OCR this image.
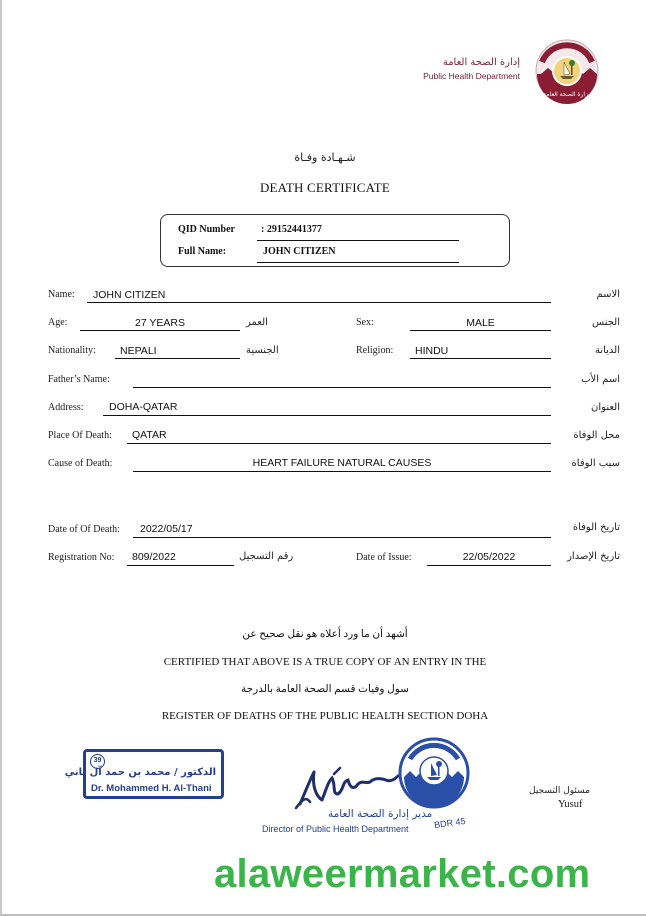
إدارة الصحة العامة
Public Health Department
وزارة الصحة العامة
شـهـادة وفـاة
DEATH CERTIFICATE
QID Number	: 29152441377
Full Name:	JOHN CITIZEN
Name: JOHN CITIZEN	الاسم
Age:	27 YEARS	العمر	Sex:	MALE	الجنس
Nationality: NEPALI	الجنسية	Religion: HINDU	الديانة
Father’s Name:	اسم الأب
Address: DOHA-QATAR	العنوان
Place Of Death: QATAR	محل الوفاة
Cause of Death:	HEART FAILURE NATURAL CAUSES	سبب الوفاة
Date of Of Death: 2022/05/17	تاريخ الوفاة
Registration No: 809/2022	رقم التسجيل	Date of Issue:	22/05/2022	تاريخ الإصدار
أشهد أن ما ورد أعلاه هو نقل صحيح عن
CERTIFIED THAT ABOVE IS A TRUE COPY OF AN ENTRY IN THE
سول وفيات قسم الصحة العامة بالدرجة
REGISTER OF DEATHS OF THE PUBLIC HEALTH SECTION DOHA
39
الدكتور / محمد بن حمد آل ثاني
Dr. Mohammed H. Al-Thani
مدير إدارة الصحة العامة
Director of Public Health Department	BDR 45
مسئول التسجيل
Yusuf
alaweermarket.com
